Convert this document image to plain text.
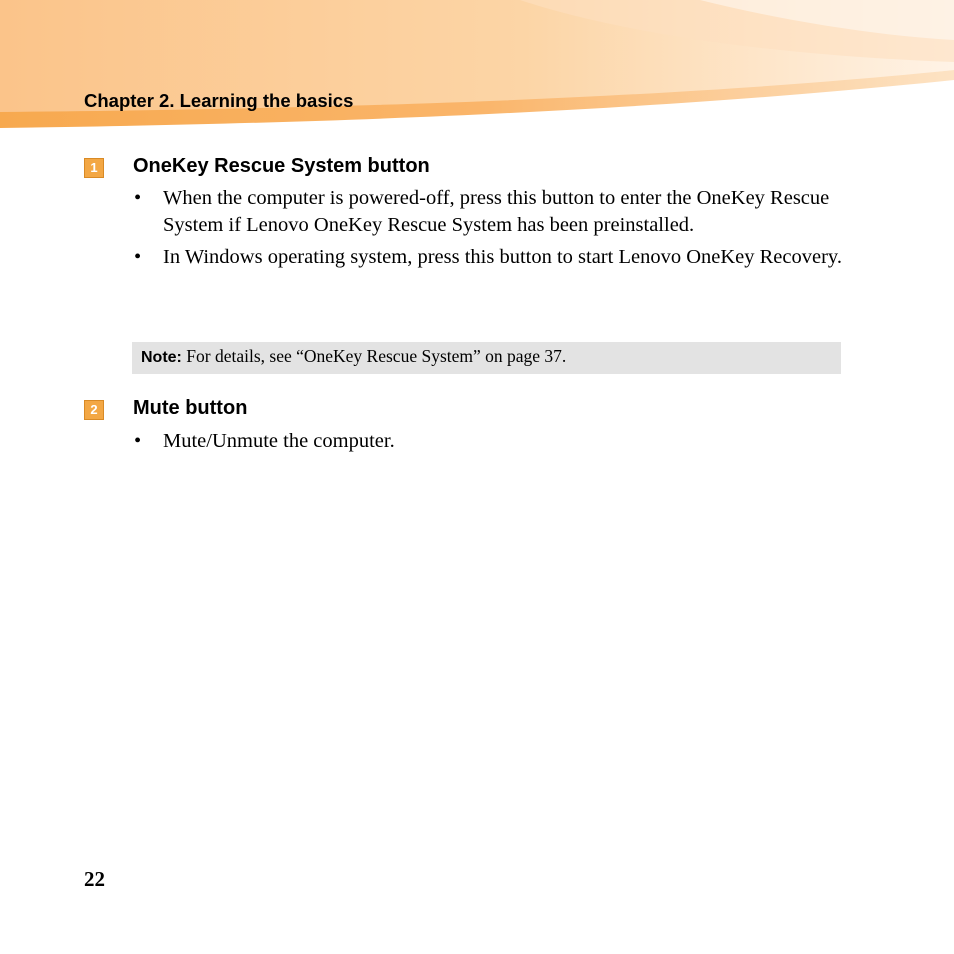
Chapter 2. Learning the basics
1	OneKey Rescue System button
• When the computer is powered-off, press this button to enter the OneKey Rescue System if Lenovo OneKey Rescue System has been preinstalled.
• In Windows operating system, press this button to start Lenovo OneKey Recovery.
Note: For details, see “OneKey Rescue System” on page 37.
2	Mute button
• Mute/Unmute the computer.
22
